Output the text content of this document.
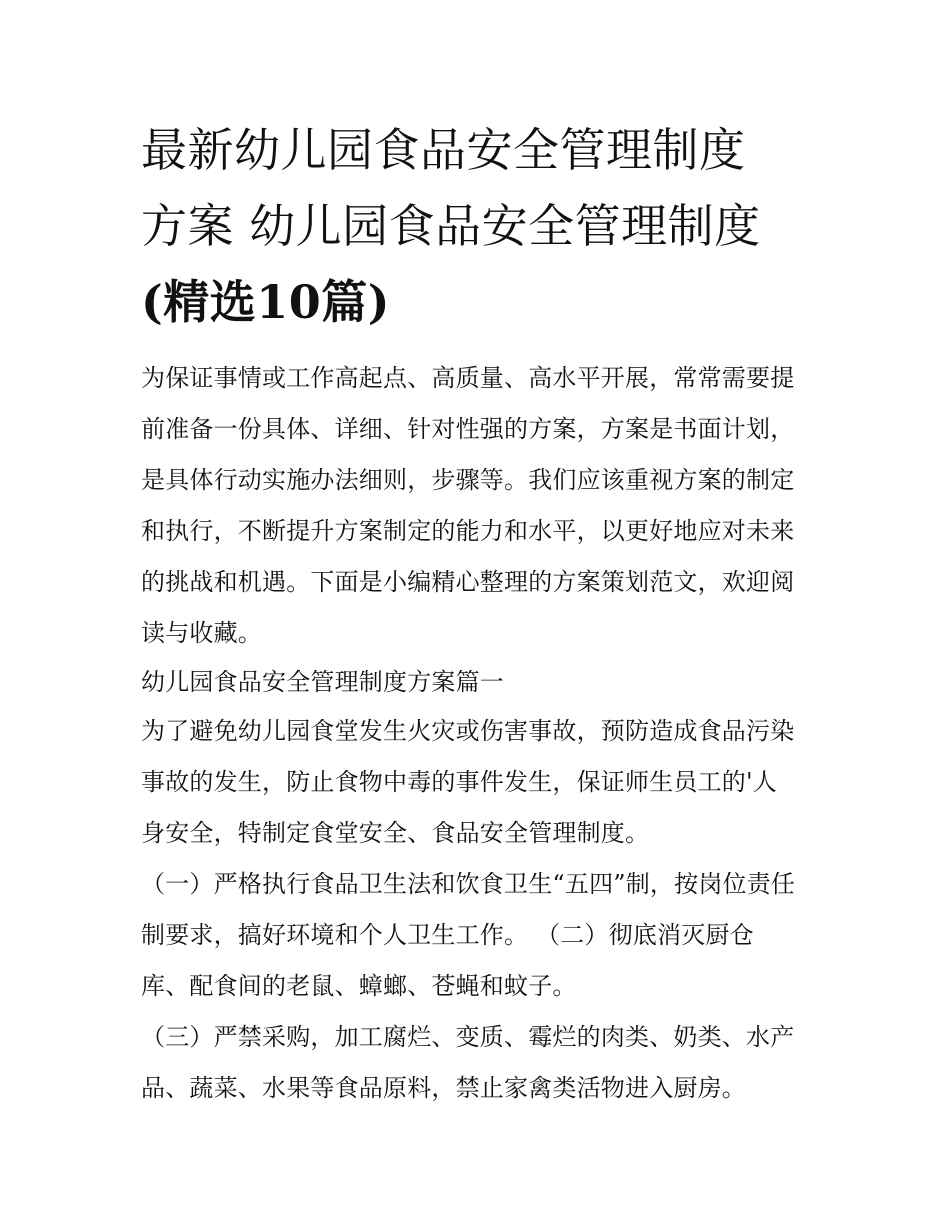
最新幼儿园食品安全管理制度
方案 幼儿园食品安全管理制度
(精选10篇)

为保证事情或工作高起点、高质量、高水平开展，常常需要提
前准备一份具体、详细、针对性强的方案，方案是书面计划，
是具体行动实施办法细则，步骤等。我们应该重视方案的制定
和执行，不断提升方案制定的能力和水平，以更好地应对未来
的挑战和机遇。下面是小编精心整理的方案策划范文，欢迎阅
读与收藏。

幼儿园食品安全管理制度方案篇一

为了避免幼儿园食堂发生火灾或伤害事故，预防造成食品污染
事故的发生，防止食物中毒的事件发生，保证师生员工的'人
身安全，特制定食堂安全、食品安全管理制度。

（一）严格执行食品卫生法和饮食卫生“五四”制，按岗位责任
制要求，搞好环境和个人卫生工作。 （二）彻底消灭厨仓
库、配食间的老鼠、蟑螂、苍蝇和蚊子。

（三）严禁采购，加工腐烂、变质、霉烂的肉类、奶类、水产
品、蔬菜、水果等食品原料，禁止家禽类活物进入厨房。
